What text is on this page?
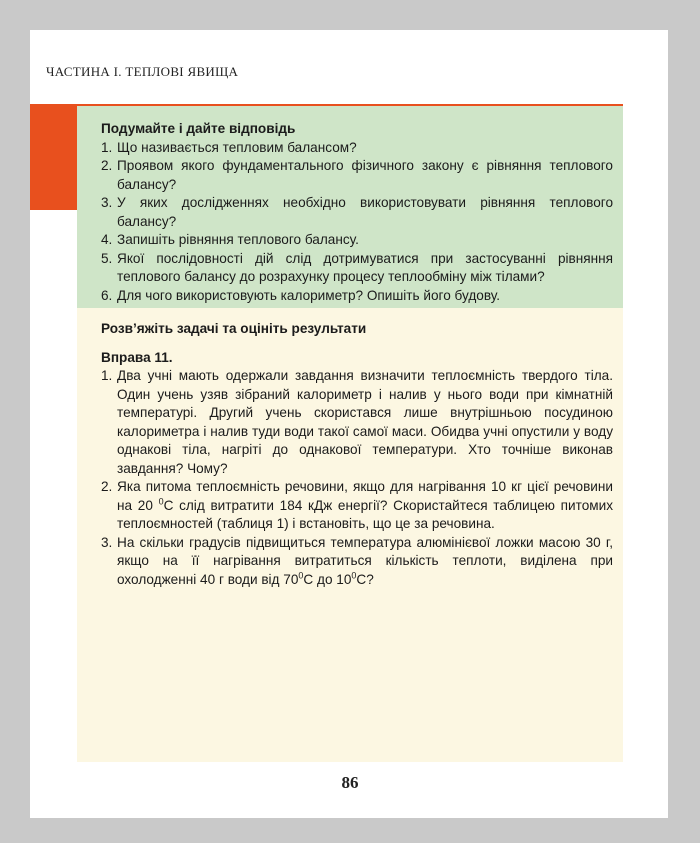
ЧАСТИНА I. ТЕПЛОВІ ЯВИЩА
Подумайте і дайте відповідь
1. Що називається тепловим балансом?
2. Проявом якого фундаментального фізичного закону є рівняння теплового балансу?
3. У яких дослідженнях необхідно використовувати рівняння теплового балансу?
4. Запишіть рівняння теплового балансу.
5. Якої послідовності дій слід дотримуватися при застосуванні рівняння теплового балансу до розрахунку процесу теплообміну між тілами?
6. Для чого використовують калориметр? Опишіть його будову.
Розв’яжіть задачі та оцініть результати
Вправа 11.
1. Два учні мають одержали завдання визначити теплоємність твердого тіла. Один учень узяв зібраний калориметр і налив у нього води при кімнатній температурі. Другий учень скористався лише внутрішньою посудиною калориметра і налив туди води такої самої маси. Обидва учні опустили у воду однакові тіла, нагріті до однакової температури. Хто точніше виконав завдання? Чому?
2. Яка питома теплоємність речовини, якщо для нагрівання 10 кг цієї речовини на 20 $^0$С слід витратити 184 кДж енергії? Скористайтеся таблицею питомих теплоємностей (таблиця 1) і встановіть, що це за речовина.
3. На скільки градусів підвищиться температура алюмінієвої ложки масою 30 г, якщо на її нагрівання витратиться кількість теплоти, виділена при охолодженні 40 г води від $70^0С$ до $10^0С$?
86
